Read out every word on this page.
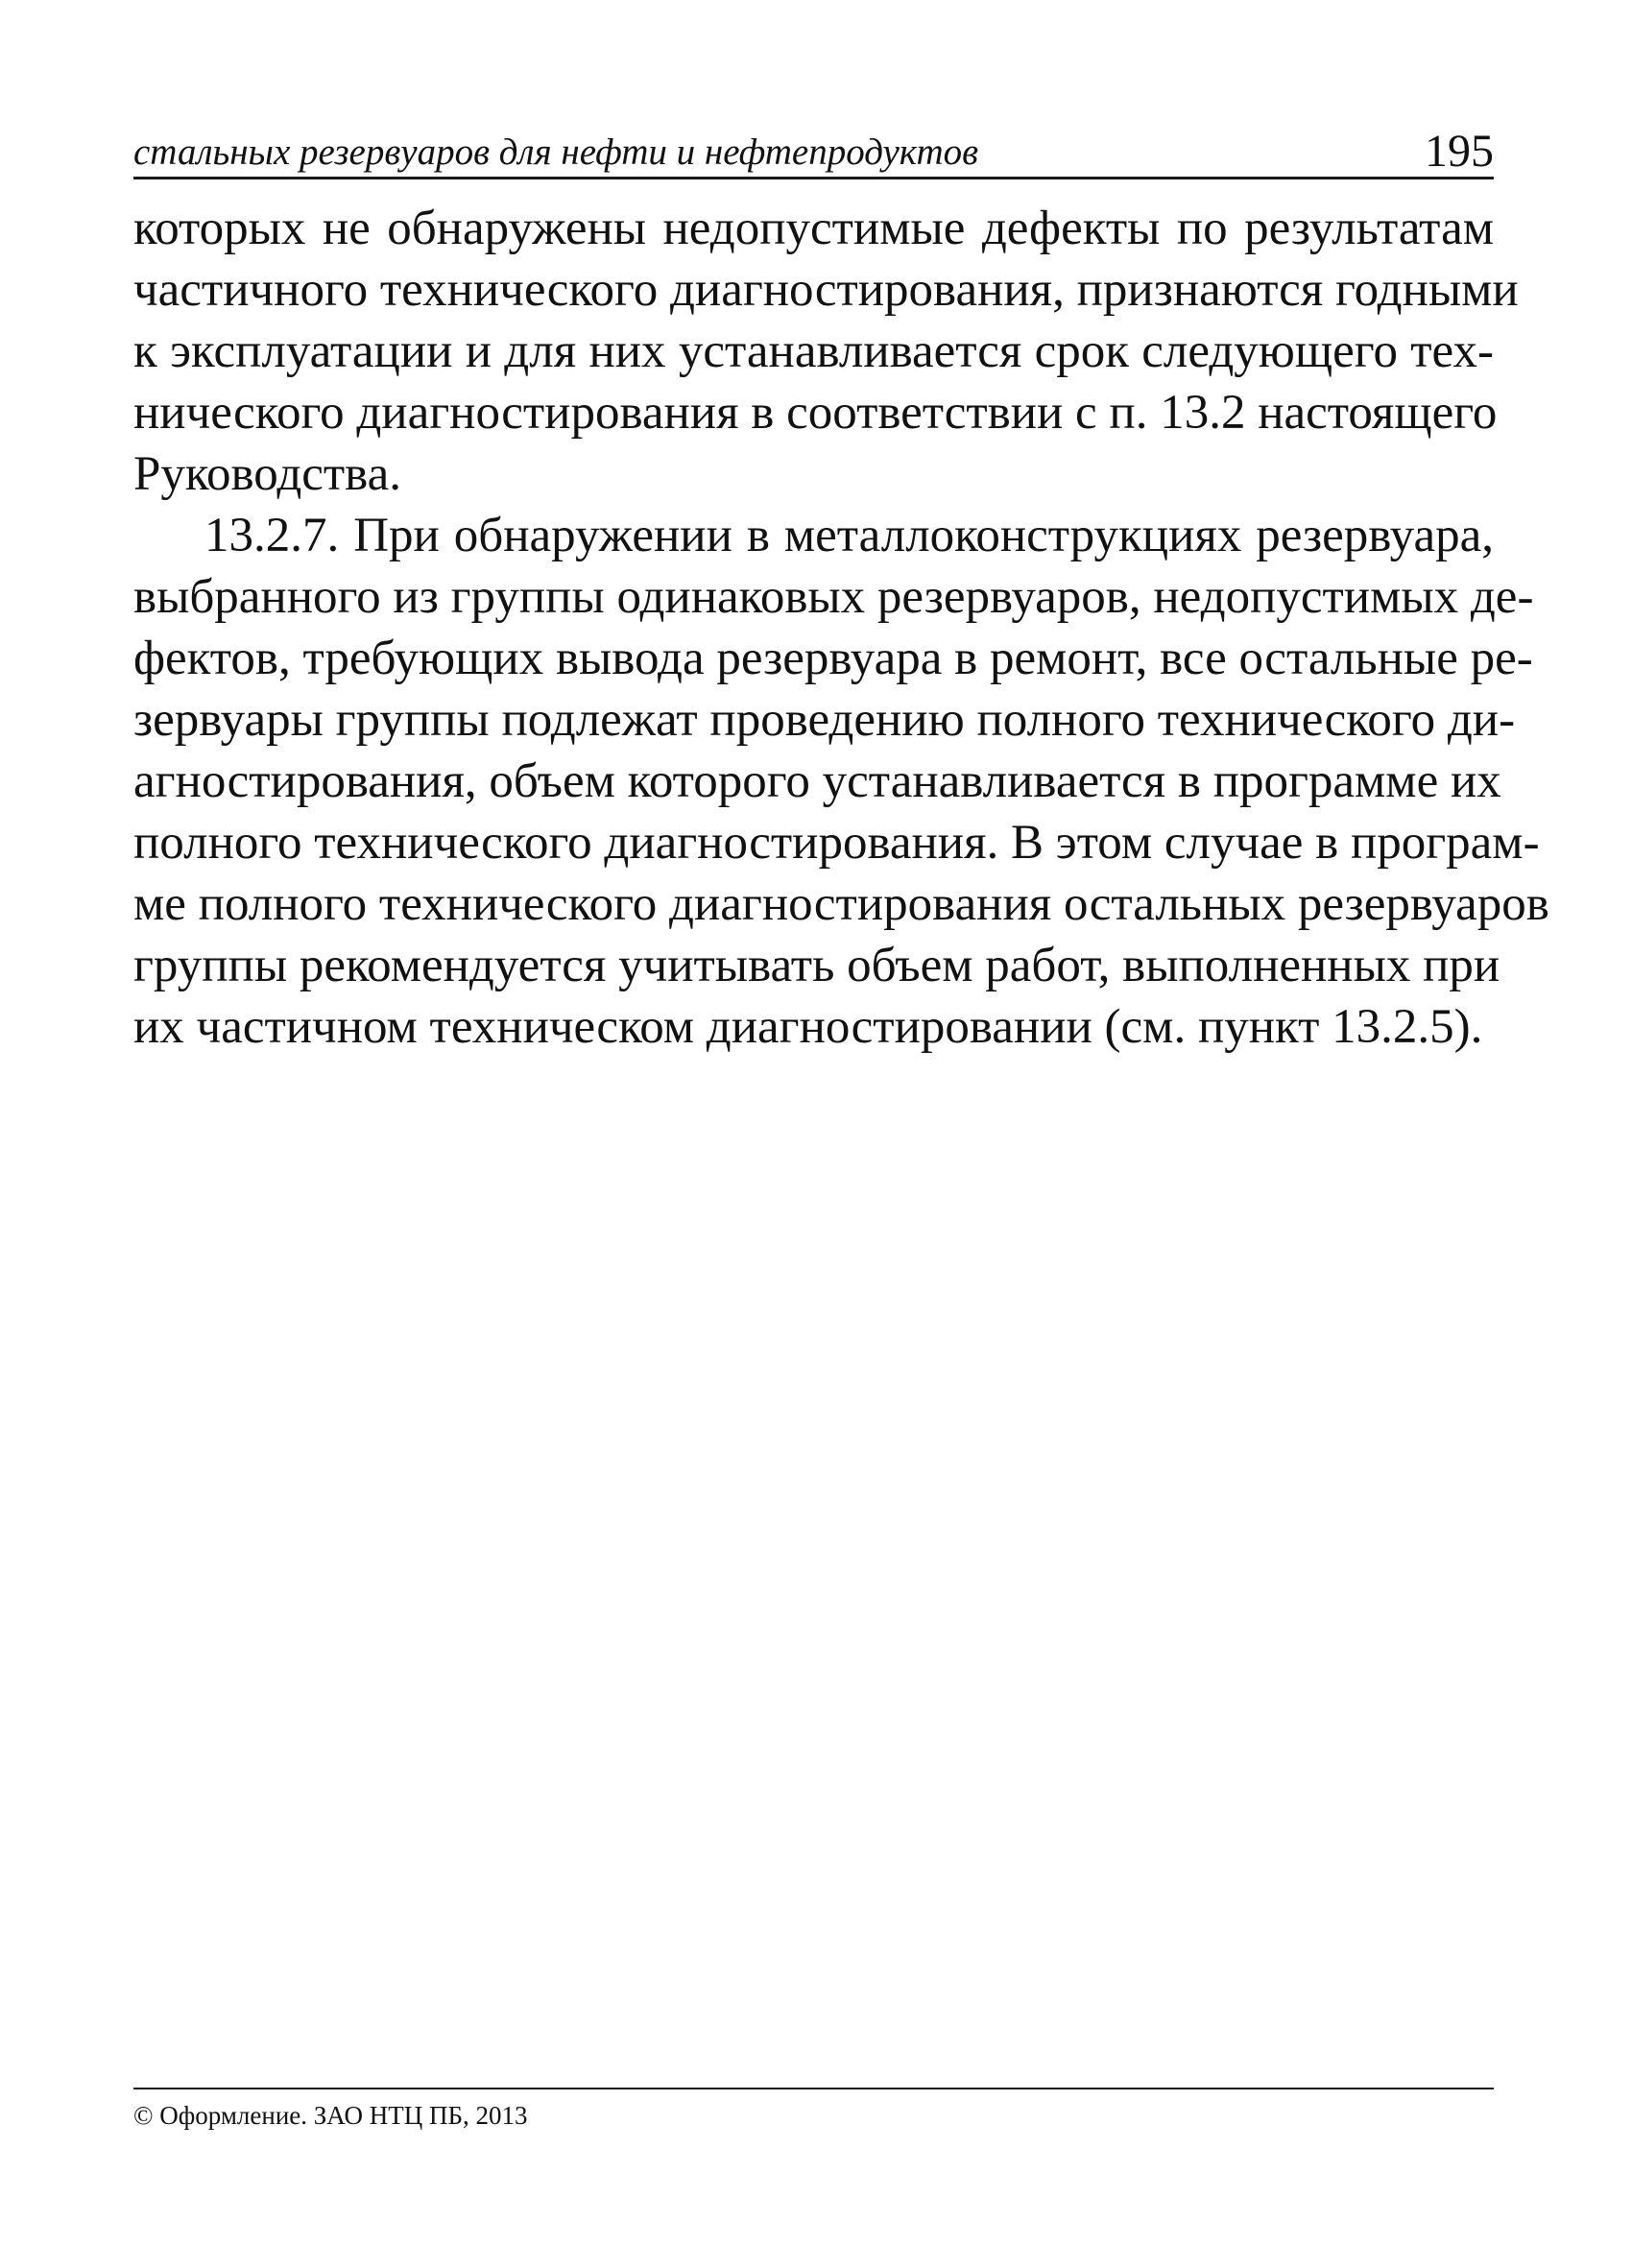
стальных резервуаров для нефти и нефтепродуктов	195
которых не обнаружены недопустимые дефекты по результатам
частичного технического диагностирования, признаются годными
к эксплуатации и для них устанавливается срок следующего тех-
нического диагностирования в соответствии с п. 13.2 настоящего
Руководства.
13.2.7. При обнаружении в металлоконструкциях резервуара,
выбранного из группы одинаковых резервуаров, недопустимых де-
фектов, требующих вывода резервуара в ремонт, все остальные ре-
зервуары группы подлежат проведению полного технического ди-
агностирования, объем которого устанавливается в программе их
полного технического диагностирования. В этом случае в програм-
ме полного технического диагностирования остальных резервуаров
группы рекомендуется учитывать объем работ, выполненных при
их частичном техническом диагностировании (см. пункт 13.2.5).
© Оформление. ЗАО НТЦ ПБ, 2013
